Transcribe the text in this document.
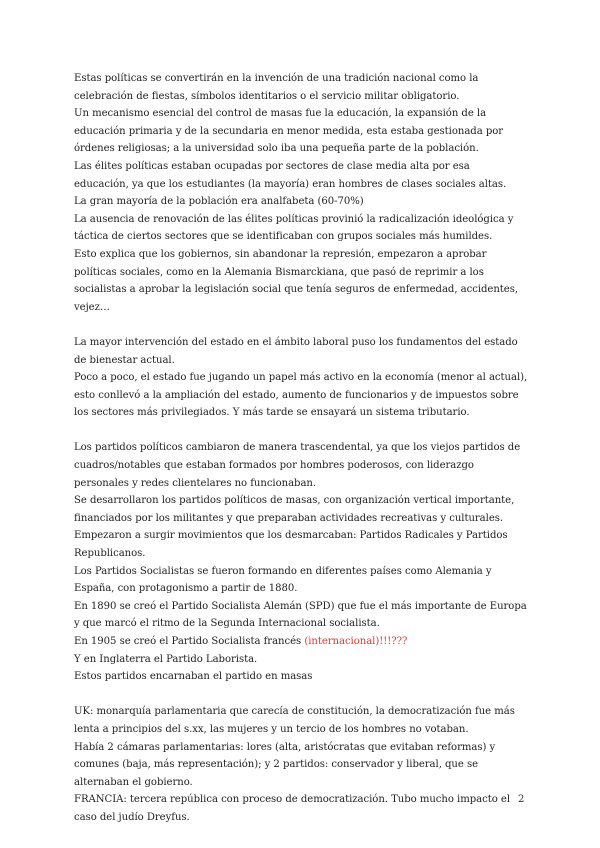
Estas políticas se convertirán en la invención de una tradición nacional como la
celebración de fiestas, símbolos identitarios o el servicio militar obligatorio.
Un mecanismo esencial del control de masas fue la educación, la expansión de la
educación primaria y de la secundaria en menor medida, esta estaba gestionada por
órdenes religiosas; a la universidad solo iba una pequeña parte de la población.
Las élites políticas estaban ocupadas por sectores de clase media alta por esa
educación, ya que los estudiantes (la mayoría) eran hombres de clases sociales altas.
La gran mayoría de la población era analfabeta (60-70%)
La ausencia de renovación de las élites políticas provinió la radicalización ideológica y
táctica de ciertos sectores que se identificaban con grupos sociales más humildes.
Esto explica que los gobiernos, sin abandonar la represión, empezaron a aprobar
políticas sociales, como en la Alemania Bismarckiana, que pasó de reprimir a los
socialistas a aprobar la legislación social que tenía seguros de enfermedad, accidentes,
vejez…
La mayor intervención del estado en el ámbito laboral puso los fundamentos del estado
de bienestar actual.
Poco a poco, el estado fue jugando un papel más activo en la economía (menor al actual),
esto conllevó a la ampliación del estado, aumento de funcionarios y de impuestos sobre
los sectores más privilegiados. Y más tarde se ensayará un sistema tributario.
Los partidos políticos cambiaron de manera trascendental, ya que los viejos partidos de
cuadros/notables que estaban formados por hombres poderosos, con liderazgo
personales y redes clientelares no funcionaban.
Se desarrollaron los partidos políticos de masas, con organización vertical importante,
financiados por los militantes y que preparaban actividades recreativas y culturales.
Empezaron a surgir movimientos que los desmarcaban: Partidos Radicales y Partidos
Republicanos.
Los Partidos Socialistas se fueron formando en diferentes países como Alemania y
España, con protagonismo a partir de 1880.
En 1890 se creó el Partido Socialista Alemán (SPD) que fue el más importante de Europa
y que marcó el ritmo de la Segunda Internacional socialista.
En 1905 se creó el Partido Socialista francés (internacional)!!!???
Y en Inglaterra el Partido Laborista.
Estos partidos encarnaban el partido en masas
UK: monarquía parlamentaria que carecía de constitución, la democratización fue más
lenta a principios del s.xx, las mujeres y un tercio de los hombres no votaban.
Había 2 cámaras parlamentarias: lores (alta, aristócratas que evitaban reformas) y
comunes (baja, más representación); y 2 partidos: conservador y liberal, que se
alternaban el gobierno.
FRANCIA: tercera república con proceso de democratización. Tubo mucho impacto el
caso del judío Dreyfus.
2
